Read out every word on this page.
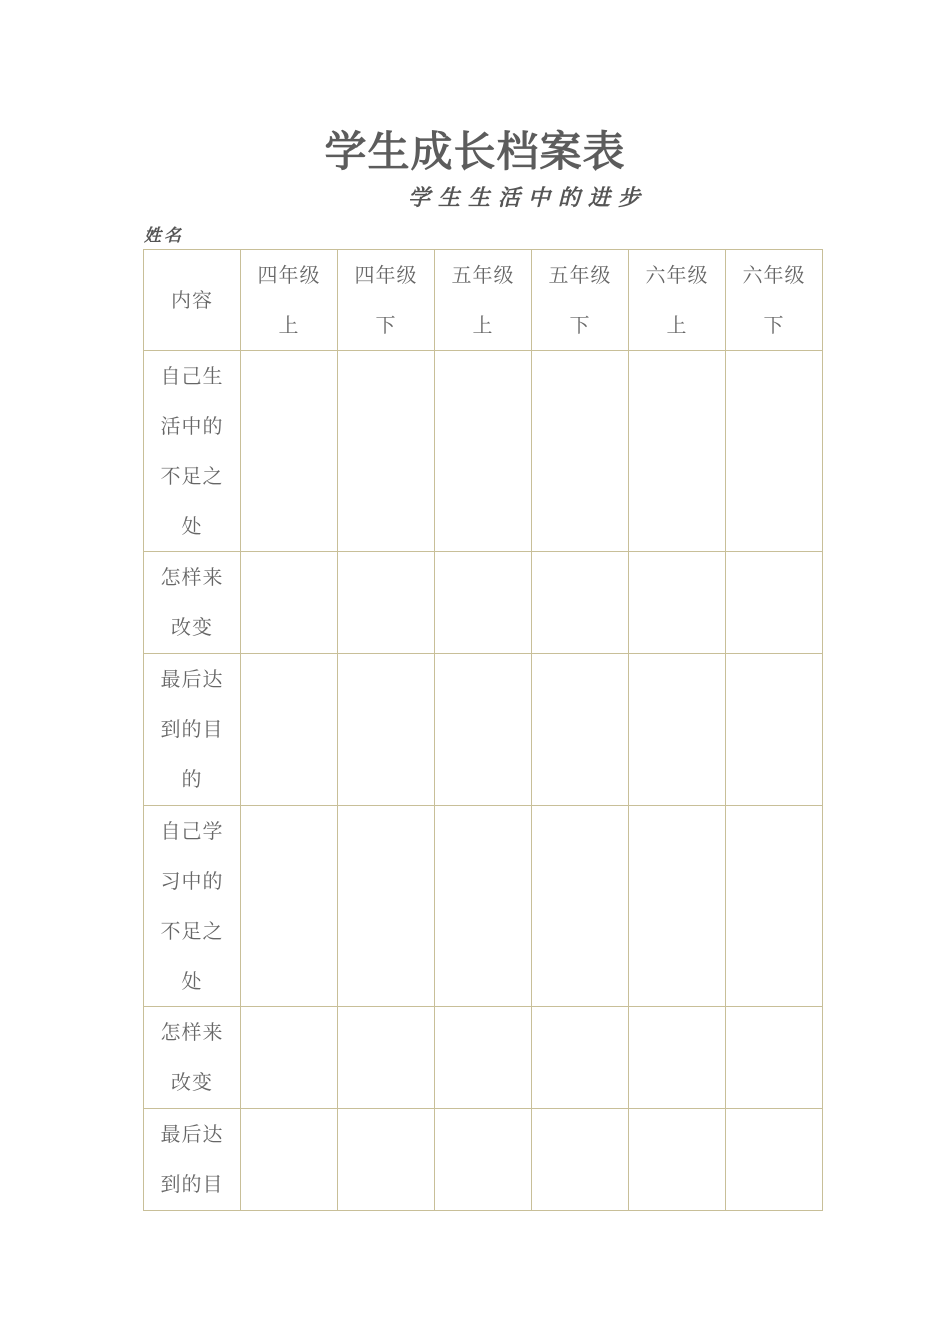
学生成长档案表
学生生活中的进步
姓名
内容	四年级上	四年级下	五年级上	五年级下	六年级上	六年级下

自己生活中的不足之处						

怎样来改变						

最后达到的目的						

自己学习中的不足之处						

怎样来改变						

最后达到的目						
